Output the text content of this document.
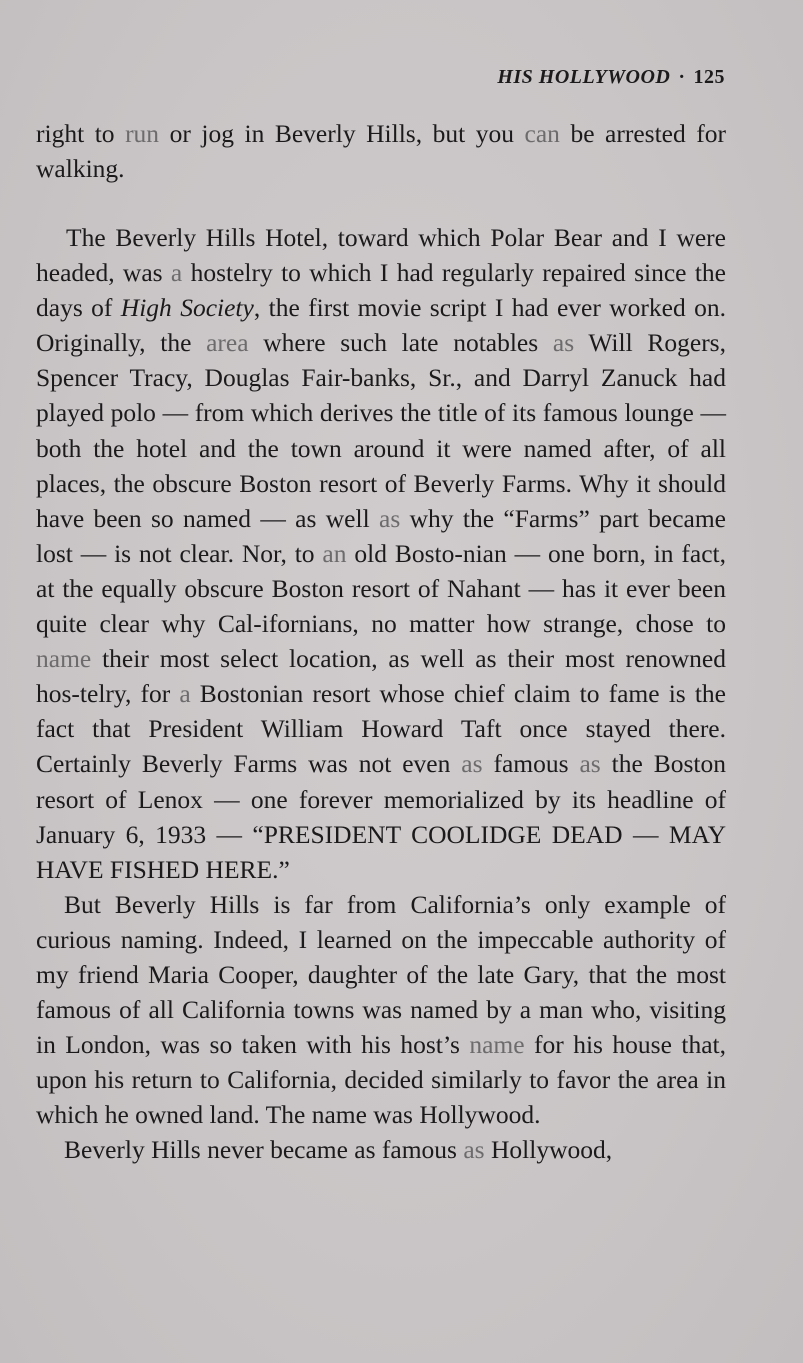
HIS HOLLYWOOD · 125

right to run or jog in Beverly Hills, but you can be arrested for walking.

The Beverly Hills Hotel, toward which Polar Bear and I were headed, was a hostelry to which I had regularly repaired since the days of High Society, the first movie script I had ever worked on. Originally, the area where such late notables as Will Rogers, Spencer Tracy, Douglas Fair-banks, Sr., and Darryl Zanuck had played polo — from which derives the title of its famous lounge — both the hotel and the town around it were named after, of all places, the obscure Boston resort of Beverly Farms. Why it should have been so named — as well as why the “Farms” part became lost — is not clear. Nor, to an old Bosto-nian — one born, in fact, at the equally obscure Boston resort of Nahant — has it ever been quite clear why Cal-ifornians, no matter how strange, chose to name their most select location, as well as their most renowned hos-telry, for a Bostonian resort whose chief claim to fame is the fact that President William Howard Taft once stayed there. Certainly Beverly Farms was not even as famous as the Boston resort of Lenox — one forever memorialized by its headline of January 6, 1933 — “PRESIDENT COOLIDGE DEAD — MAY HAVE FISHED HERE.”

But Beverly Hills is far from California’s only example of curious naming. Indeed, I learned on the impeccable authority of my friend Maria Cooper, daughter of the late Gary, that the most famous of all California towns was named by a man who, visiting in London, was so taken with his host’s name for his house that, upon his return to California, decided similarly to favor the area in which he owned land. The name was Hollywood.

Beverly Hills never became as famous as Hollywood,
